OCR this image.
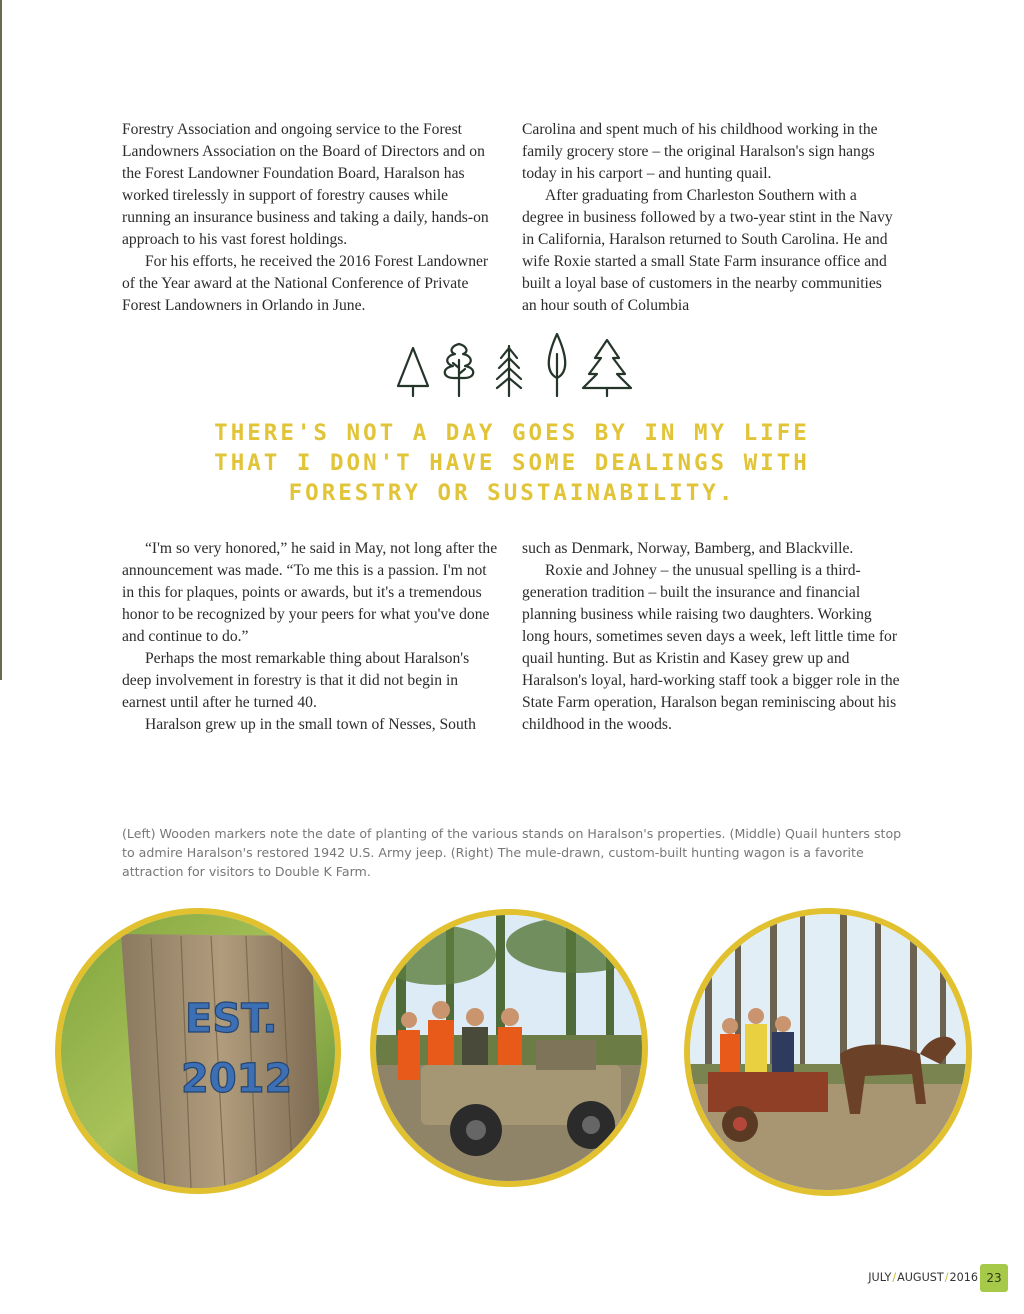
Forestry Association and ongoing service to the Forest Landowners Association on the Board of Directors and on the Forest Landowner Foundation Board, Haralson has worked tirelessly in support of forestry causes while running an insurance business and taking a daily, hands-on approach to his vast forest holdings.

For his efforts, he received the 2016 Forest Landowner of the Year award at the National Conference of Private Forest Landowners in Orlando in June.

Carolina and spent much of his childhood working in the family grocery store – the original Haralson's sign hangs today in his carport – and hunting quail.

After graduating from Charleston Southern with a degree in business followed by a two-year stint in the Navy in California, Haralson returned to South Carolina. He and wife Roxie started a small State Farm insurance office and built a loyal base of customers in the nearby communities an hour south of Columbia

THERE'S NOT A DAY GOES BY IN MY LIFE
THAT I DON'T HAVE SOME DEALINGS WITH
FORESTRY OR SUSTAINABILITY.

“I'm so very honored,” he said in May, not long after the announcement was made. “To me this is a passion. I'm not in this for plaques, points or awards, but it's a tremendous honor to be recognized by your peers for what you've done and continue to do.”

Perhaps the most remarkable thing about Haralson's deep involvement in forestry is that it did not begin in earnest until after he turned 40.

Haralson grew up in the small town of Nesses, South

such as Denmark, Norway, Bamberg, and Blackville.

Roxie and Johney – the unusual spelling is a third-generation tradition – built the insurance and financial planning business while raising two daughters. Working long hours, sometimes seven days a week, left little time for quail hunting. But as Kristin and Kasey grew up and Haralson's loyal, hard-working staff took a bigger role in the State Farm operation, Haralson began reminiscing about his childhood in the woods.

(Left) Wooden markers note the date of planting of the various stands on Haralson's properties. (Middle) Quail hunters stop to admire Haralson's restored 1942 U.S. Army jeep. (Right) The mule-drawn, custom-built hunting wagon is a favorite attraction for visitors to Double K Farm.
EST.
2012
JULY/AUGUST/2016 23
